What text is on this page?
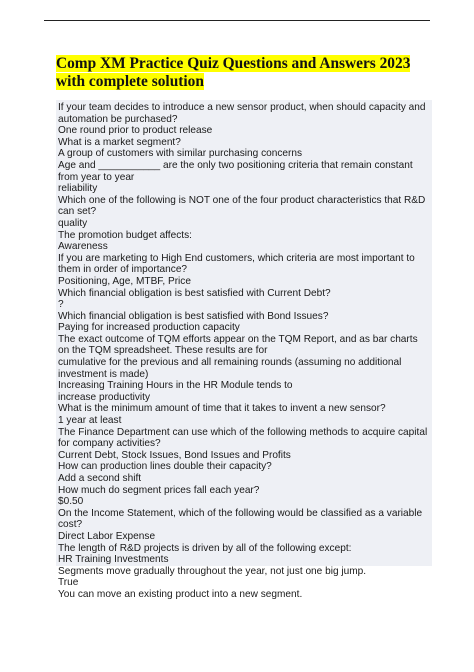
Comp XM Practice Quiz Questions and Answers 2023 with complete solution
If your team decides to introduce a new sensor product, when should capacity and automation be purchased?
One round prior to product release
What is a market segment?
A group of customers with similar purchasing concerns
Age and ___________ are the only two positioning criteria that remain constant from year to year
reliability
Which one of the following is NOT one of the four product characteristics that R&D can set?
quality
The promotion budget affects:
Awareness
If you are marketing to High End customers, which criteria are most important to them in order of importance?
Positioning, Age, MTBF, Price
Which financial obligation is best satisfied with Current Debt?
?
Which financial obligation is best satisfied with Bond Issues?
Paying for increased production capacity
The exact outcome of TQM efforts appear on the TQM Report, and as bar charts on the TQM spreadsheet. These results are for
cumulative for the previous and all remaining rounds (assuming no additional investment is made)
Increasing Training Hours in the HR Module tends to
increase productivity
What is the minimum amount of time that it takes to invent a new sensor?
1 year at least
The Finance Department can use which of the following methods to acquire capital for company activities?
Current Debt, Stock Issues, Bond Issues and Profits
How can production lines double their capacity?
Add a second shift
How much do segment prices fall each year?
$0.50
On the Income Statement, which of the following would be classified as a variable cost?
Direct Labor Expense
The length of R&D projects is driven by all of the following except:
HR Training Investments
Segments move gradually throughout the year, not just one big jump.
True
You can move an existing product into a new segment.
